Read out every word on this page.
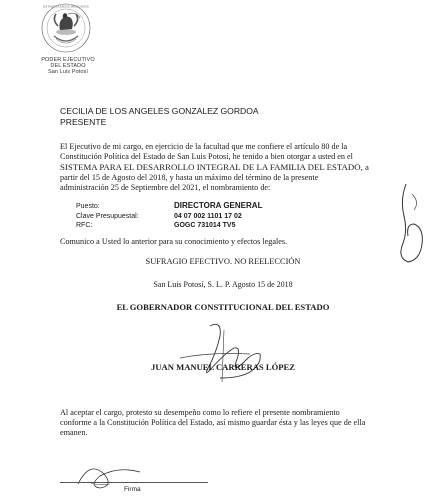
ESTADOS UNIDOS MEXICANOS
PODER EJECUTIVO
DEL ESTADO
San Luis Potosí
CECILIA DE LOS ANGELES GONZALEZ GORDOA
PRESENTE
El Ejecutivo de mi cargo, en ejercicio de la facultad que me confiere el artículo 80 de la
Constitución Política del Estado de San Luis Potosí, he tenido a bien otorgar a usted en el
SISTEMA PARA EL DESARROLLO INTEGRAL DE LA FAMILIA DEL ESTADO, a
partir del 15 de Agosto del 2018, y hasta un máximo del término de la presente
administración 25 de Septiembre del 2021, el nombramiento de:
Puesto:	DIRECTORA GENERAL
Clave Presupuestal:	04 07 002 1101 17 02
RFC:	GOGC 731014 TV5
Comunico a Usted lo anterior para su conocimiento y efectos legales.
SUFRAGIO EFECTIVO. NO REELECCIÓN
San Luis Potosí, S. L. P. Agosto 15 de 2018
EL GOBERNADOR CONSTITUCIONAL DEL ESTADO
JUAN MANUEL CARRERAS LÓPEZ
Al aceptar el cargo, protesto su desempeño como lo refiere el presente nombramiento
conforme a la Constitución Política del Estado, así mismo guardar ésta y las leyes que de ella
emanen.
Firma
